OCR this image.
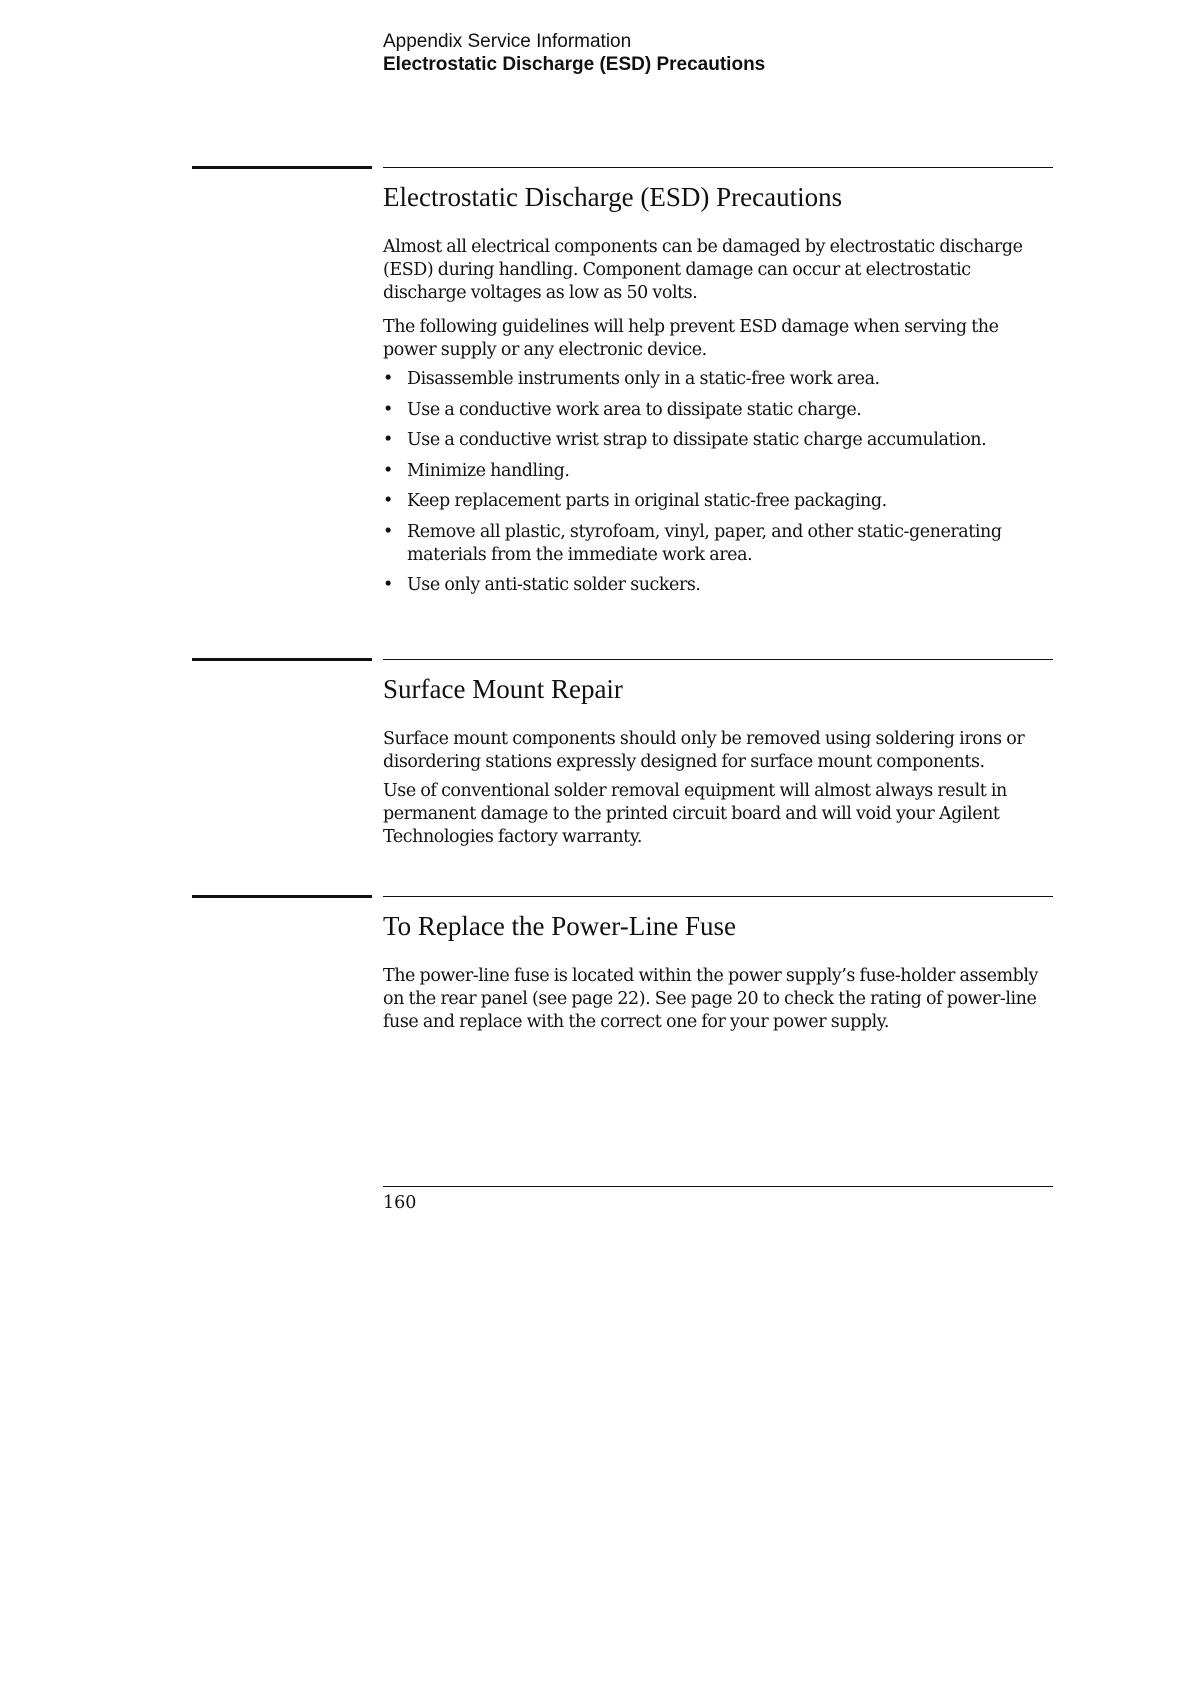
Appendix Service Information
Electrostatic Discharge (ESD) Precautions
Electrostatic Discharge (ESD) Precautions

Almost all electrical components can be damaged by electrostatic discharge (ESD) during handling. Component damage can occur at electrostatic discharge voltages as low as 50 volts.

The following guidelines will help prevent ESD damage when serving the power supply or any electronic device.

• Disassemble instruments only in a static-free work area.
• Use a conductive work area to dissipate static charge.
• Use a conductive wrist strap to dissipate static charge accumulation.
• Minimize handling.
• Keep replacement parts in original static-free packaging.
• Remove all plastic, styrofoam, vinyl, paper, and other static-generating materials from the immediate work area.
• Use only anti-static solder suckers.
Surface Mount Repair

Surface mount components should only be removed using soldering irons or disordering stations expressly designed for surface mount components.

Use of conventional solder removal equipment will almost always result in permanent damage to the printed circuit board and will void your Agilent Technologies factory warranty.

To Replace the Power-Line Fuse

The power-line fuse is located within the power supply’s fuse-holder assembly on the rear panel (see page 22). See page 20 to check the rating of power-line fuse and replace with the correct one for your power supply.

160
